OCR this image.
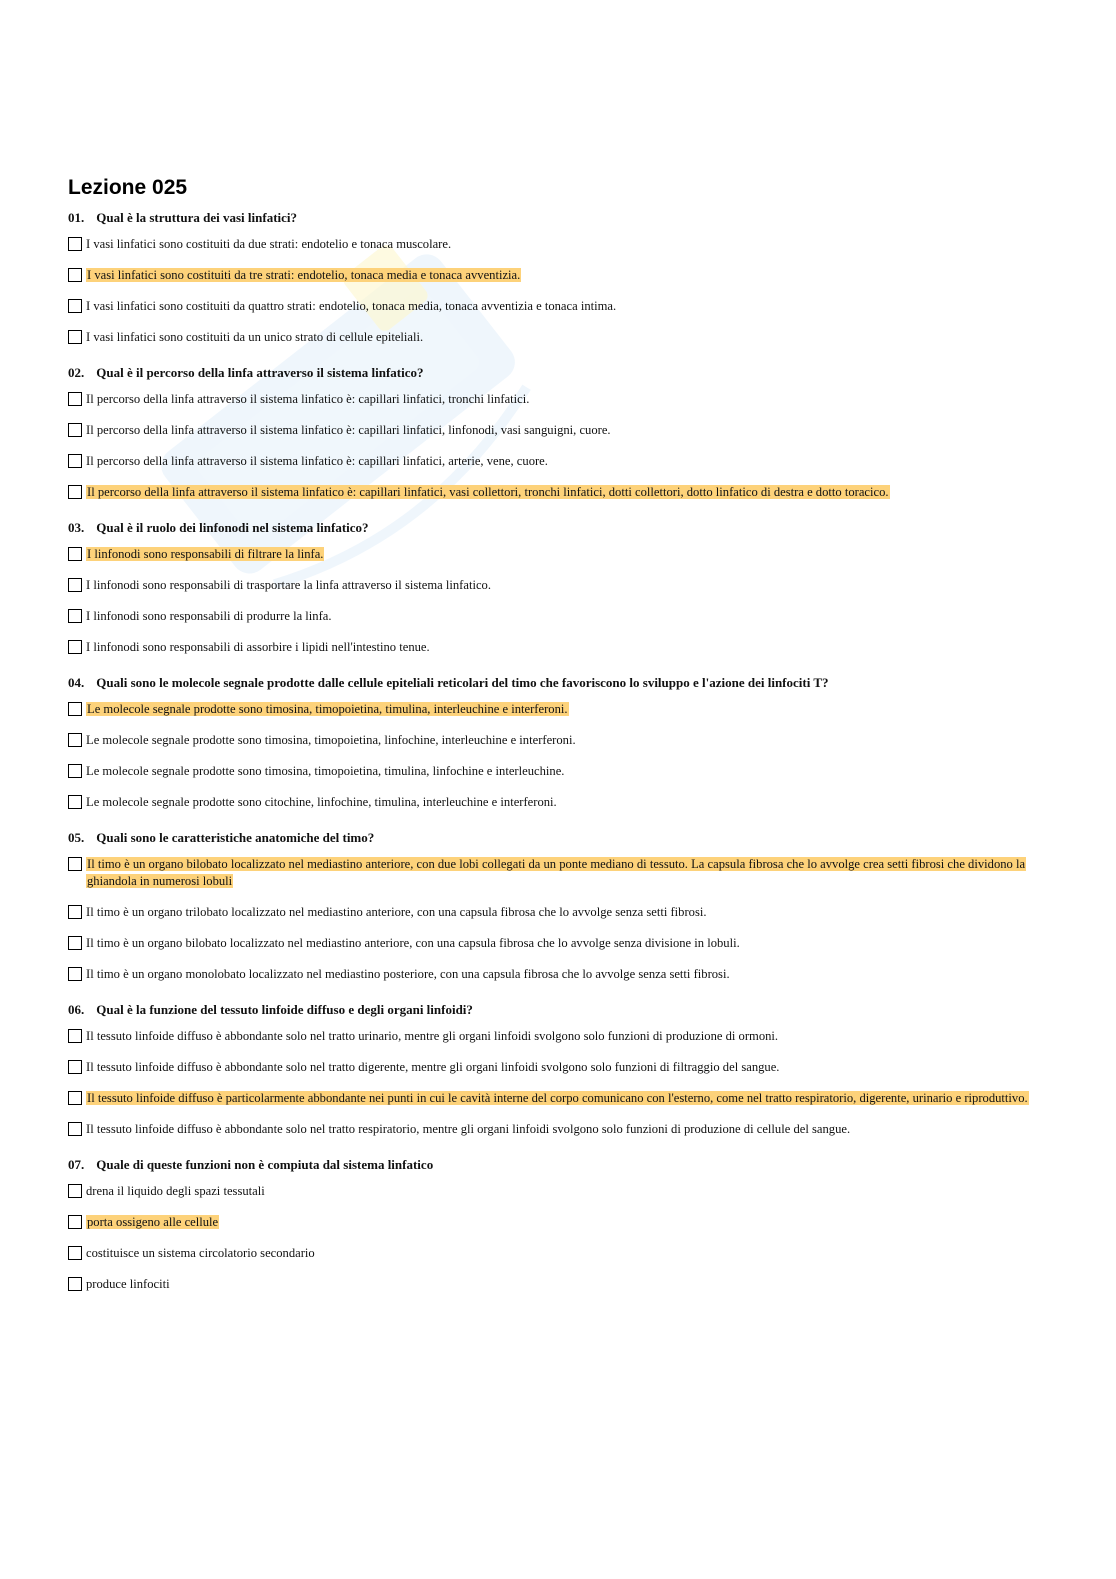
Lezione 025
01. Qual è la struttura dei vasi linfatici?
I vasi linfatici sono costituiti da due strati: endotelio e tonaca muscolare.
I vasi linfatici sono costituiti da tre strati: endotelio, tonaca media e tonaca avventizia.
I vasi linfatici sono costituiti da quattro strati: endotelio, tonaca media, tonaca avventizia e tonaca intima.
I vasi linfatici sono costituiti da un unico strato di cellule epiteliali.
02. Qual è il percorso della linfa attraverso il sistema linfatico?
Il percorso della linfa attraverso il sistema linfatico è: capillari linfatici, tronchi linfatici.
Il percorso della linfa attraverso il sistema linfatico è: capillari linfatici, linfonodi, vasi sanguigni, cuore.
Il percorso della linfa attraverso il sistema linfatico è: capillari linfatici, arterie, vene, cuore.
Il percorso della linfa attraverso il sistema linfatico è: capillari linfatici, vasi collettori, tronchi linfatici, dotti collettori, dotto linfatico di destra e dotto toracico.
03. Qual è il ruolo dei linfonodi nel sistema linfatico?
I linfonodi sono responsabili di filtrare la linfa.
I linfonodi sono responsabili di trasportare la linfa attraverso il sistema linfatico.
I linfonodi sono responsabili di produrre la linfa.
I linfonodi sono responsabili di assorbire i lipidi nell'intestino tenue.
04. Quali sono le molecole segnale prodotte dalle cellule epiteliali reticolari del timo che favoriscono lo sviluppo e l'azione dei linfociti T?
Le molecole segnale prodotte sono timosina, timopoietina, timulina, interleuchine e interferoni.
Le molecole segnale prodotte sono timosina, timopoietina, linfochine, interleuchine e interferoni.
Le molecole segnale prodotte sono timosina, timopoietina, timulina, linfochine e interleuchine.
Le molecole segnale prodotte sono citochine, linfochine, timulina, interleuchine e interferoni.
05. Quali sono le caratteristiche anatomiche del timo?
Il timo è un organo bilobato localizzato nel mediastino anteriore, con due lobi collegati da un ponte mediano di tessuto. La capsula fibrosa che lo avvolge crea setti fibrosi che dividono la ghiandola in numerosi lobuli
Il timo è un organo trilobato localizzato nel mediastino anteriore, con una capsula fibrosa che lo avvolge senza setti fibrosi.
Il timo è un organo bilobato localizzato nel mediastino anteriore, con una capsula fibrosa che lo avvolge senza divisione in lobuli.
Il timo è un organo monolobato localizzato nel mediastino posteriore, con una capsula fibrosa che lo avvolge senza setti fibrosi.
06. Qual è la funzione del tessuto linfoide diffuso e degli organi linfoidi?
Il tessuto linfoide diffuso è abbondante solo nel tratto urinario, mentre gli organi linfoidi svolgono solo funzioni di produzione di ormoni.
Il tessuto linfoide diffuso è abbondante solo nel tratto digerente, mentre gli organi linfoidi svolgono solo funzioni di filtraggio del sangue.
Il tessuto linfoide diffuso è particolarmente abbondante nei punti in cui le cavità interne del corpo comunicano con l'esterno, come nel tratto respiratorio, digerente, urinario e riproduttivo.
Il tessuto linfoide diffuso è abbondante solo nel tratto respiratorio, mentre gli organi linfoidi svolgono solo funzioni di produzione di cellule del sangue.
07. Quale di queste funzioni non è compiuta dal sistema linfatico
drena il liquido degli spazi tessutali
porta ossigeno alle cellule
costituisce un sistema circolatorio secondario
produce linfociti
